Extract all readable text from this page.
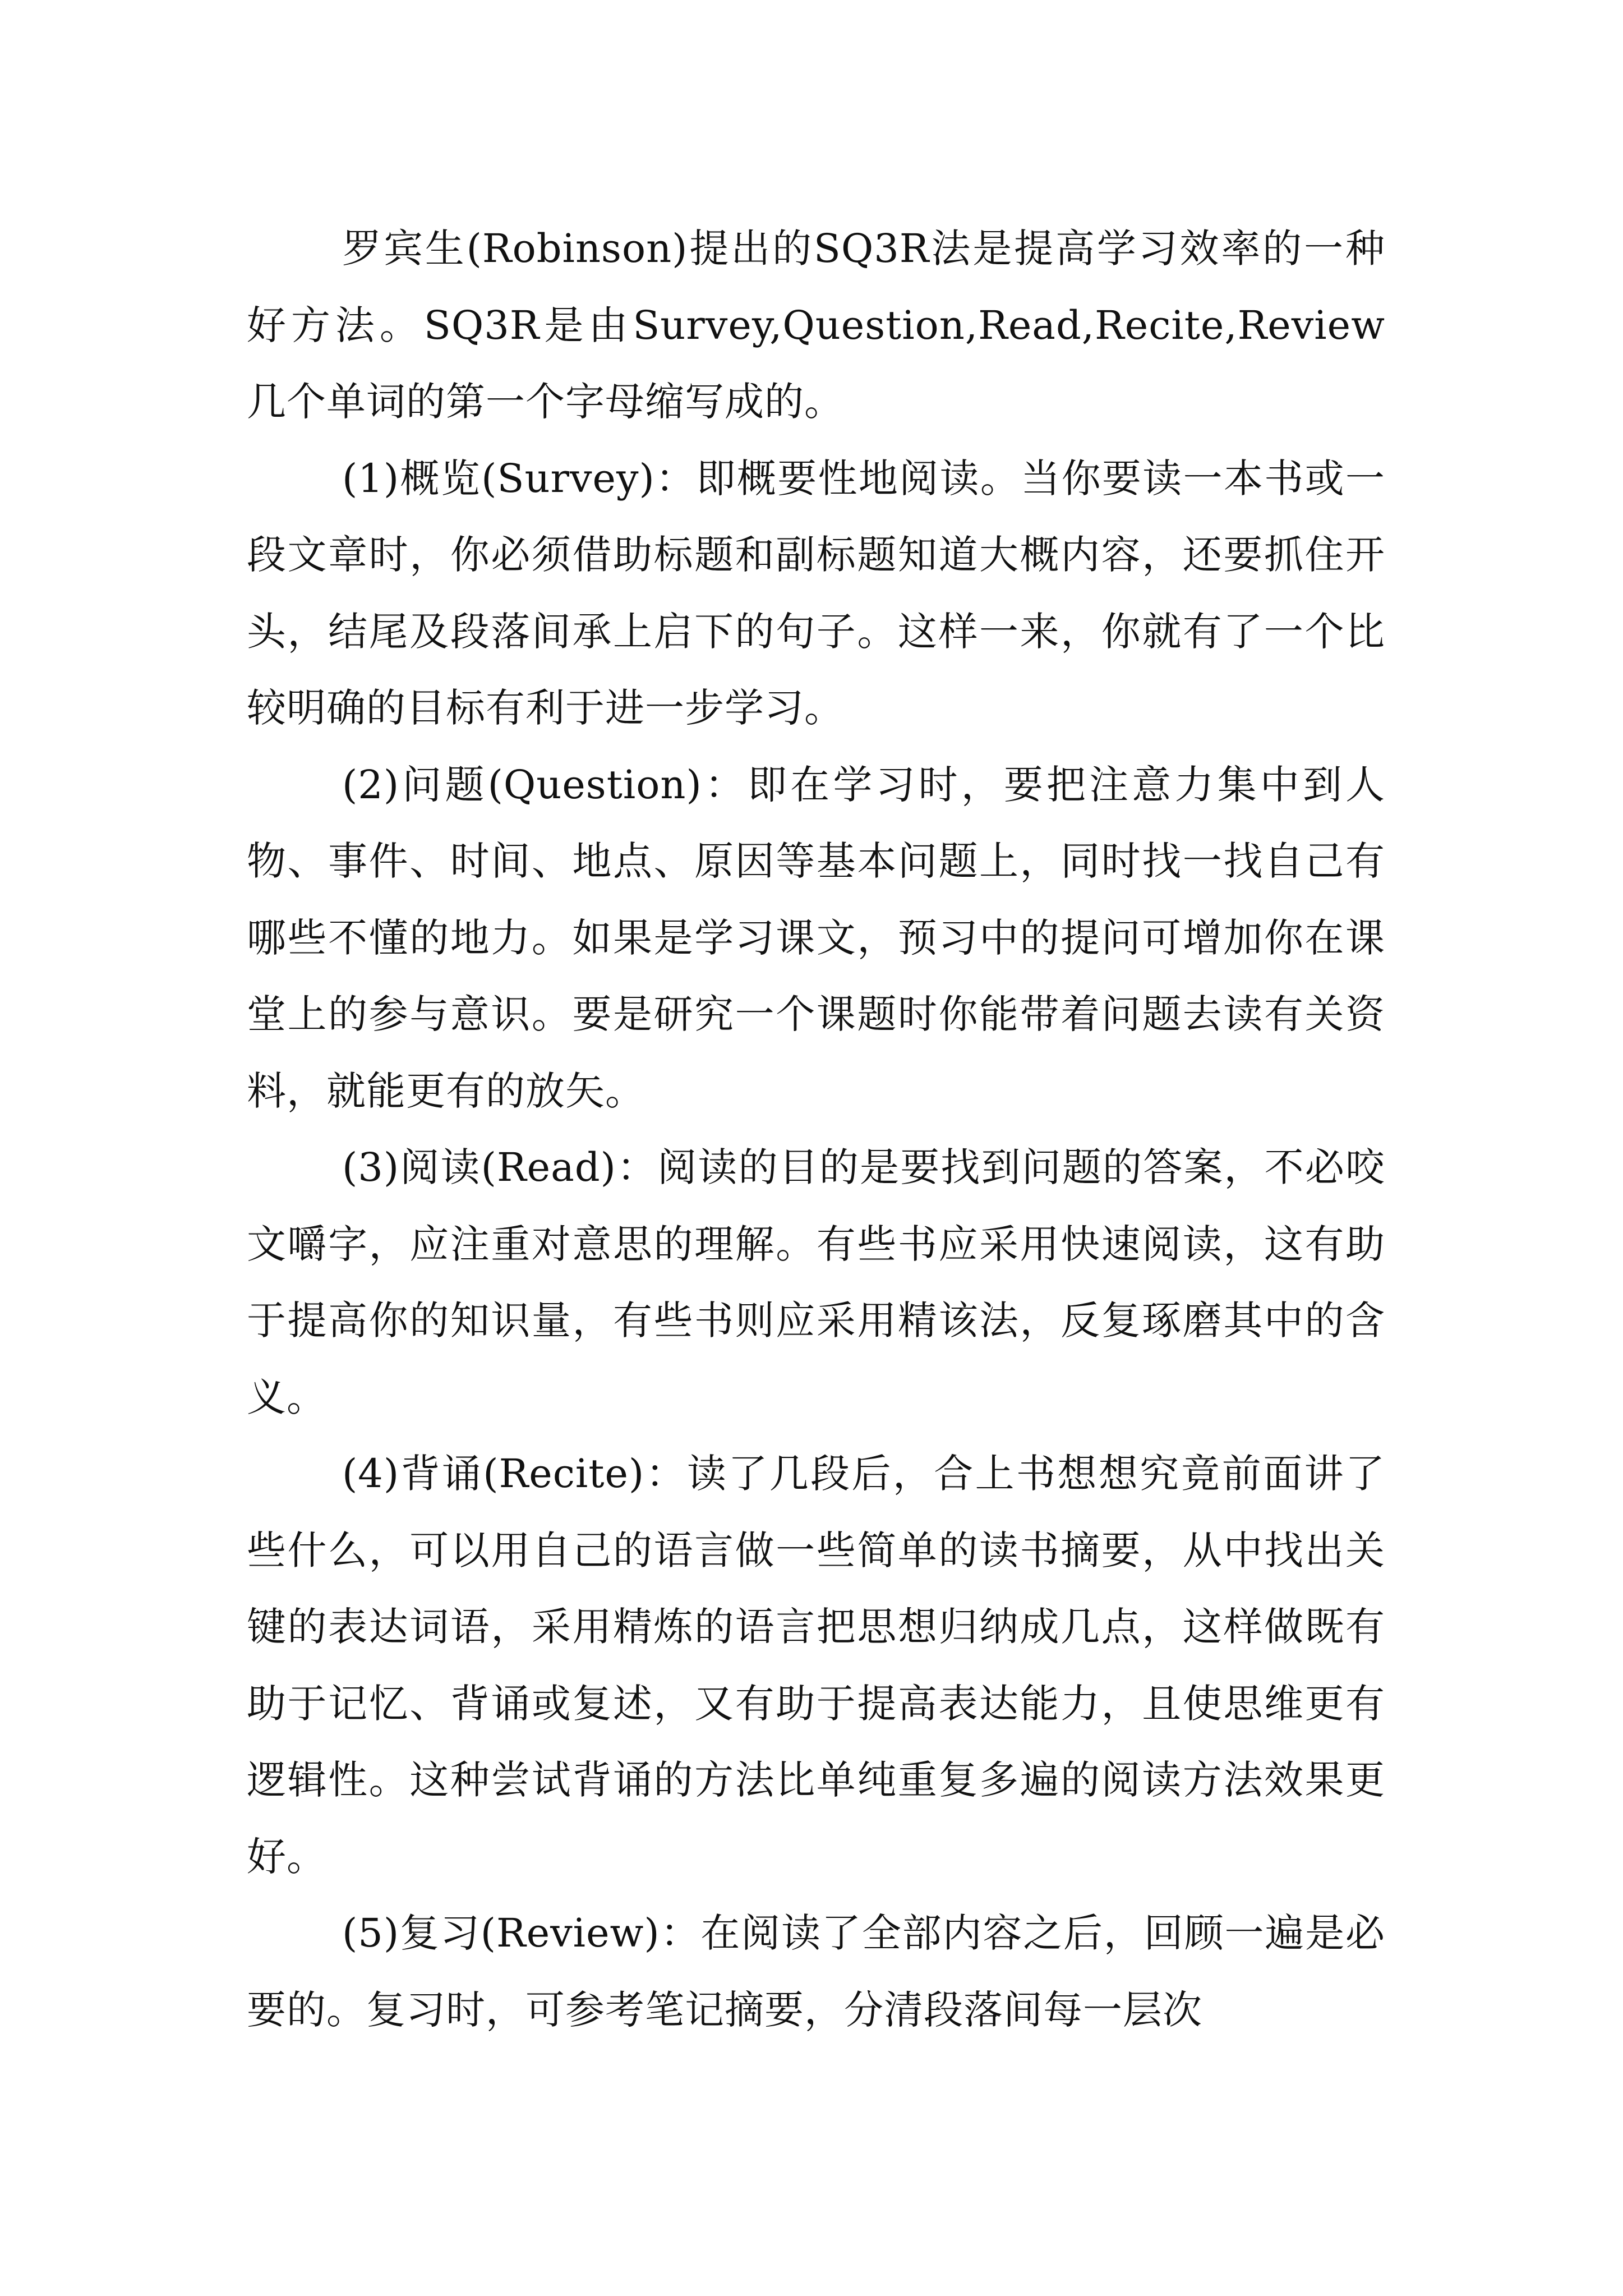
罗宾生(Robinson)提出的SQ3R法是提高学习效率的一种好方法。SQ3R是由Survey,Question,Read,Recite,Review几个单词的第一个字母缩写成的。

(1)概览(Survey)：即概要性地阅读。当你要读一本书或一段文章时，你必须借助标题和副标题知道大概内容，还要抓住开头，结尾及段落间承上启下的句子。这样一来，你就有了一个比较明确的目标有利于进一步学习。

(2)问题(Question)：即在学习时，要把注意力集中到人物、事件、时间、地点、原因等基本问题上，同时找一找自己有哪些不懂的地力。如果是学习课文，预习中的提问可增加你在课堂上的参与意识。要是研究一个课题时你能带着问题去读有关资料，就能更有的放矢。

(3)阅读(Read)：阅读的目的是要找到问题的答案，不必咬文嚼字，应注重对意思的理解。有些书应采用快速阅读，这有助于提高你的知识量，有些书则应采用精该法，反复琢磨其中的含义。

(4)背诵(Recite)：读了几段后，合上书想想究竟前面讲了些什么，可以用自己的语言做一些简单的读书摘要，从中找出关键的表达词语，采用精炼的语言把思想归纳成几点，这样做既有助于记忆、背诵或复述，又有助于提高表达能力，且使思维更有逻辑性。这种尝试背诵的方法比单纯重复多遍的阅读方法效果更好。

(5)复习(Review)：在阅读了全部内容之后，回顾一遍是必要的。复习时，可参考笔记摘要，分清段落间每一层次
